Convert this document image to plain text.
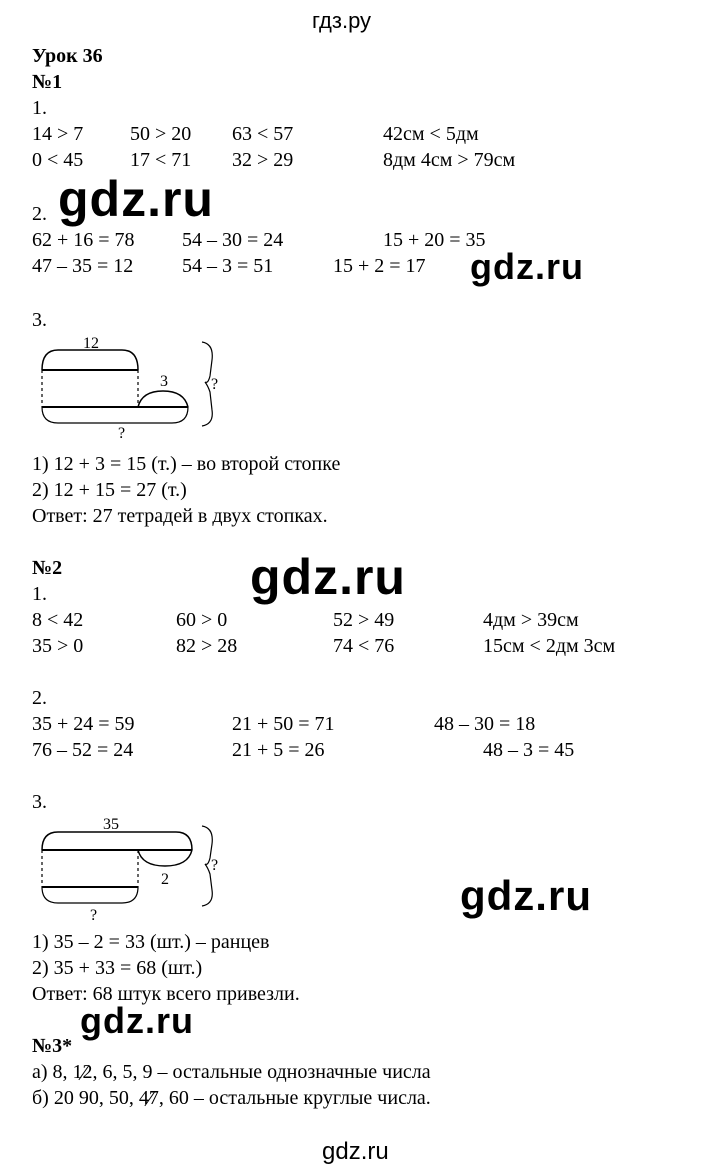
гдз.ру
Урок 36
№1
1.
14 > 7 50 > 20 63 < 57	42см < 5дм
0 < 45 17 < 71 32 > 29	8дм 4см > 79см
2. gdz.ru
62 + 16 = 78 54 – 30 = 24	15 + 20 = 35
47 – 35 = 12 54 – 3 = 51	15 + 2 = 17 gdz.ru
3.
12
3
?
?
1) 12 + 3 = 15 (т.) – во второй стопке
2) 12 + 15 = 27 (т.)
Ответ: 27 тетрадей в двух стопках.
№2	gdz.ru
1.
8 < 42	60 > 0	52 > 49	4дм > 39см
35 > 0	82 > 28	74 < 76	15см < 2дм 3см
2.
35 + 24 = 59	21 + 50 = 71	48 – 30 = 18
76 – 52 = 24	21 + 5 = 26	48 – 3 = 45
3.
35
2
?
?
gdz.ru
1) 35 – 2 = 33 (шт.) – ранцев
2) 35 + 33 = 68 (шт.)
Ответ: 68 штук всего привезли.
gdz.ru
№3*
а) 8, 12, 6, 5, 9 – остальные однозначные числа
б) 20 90, 50, 47, 60 – остальные круглые числа.
gdz.ru
